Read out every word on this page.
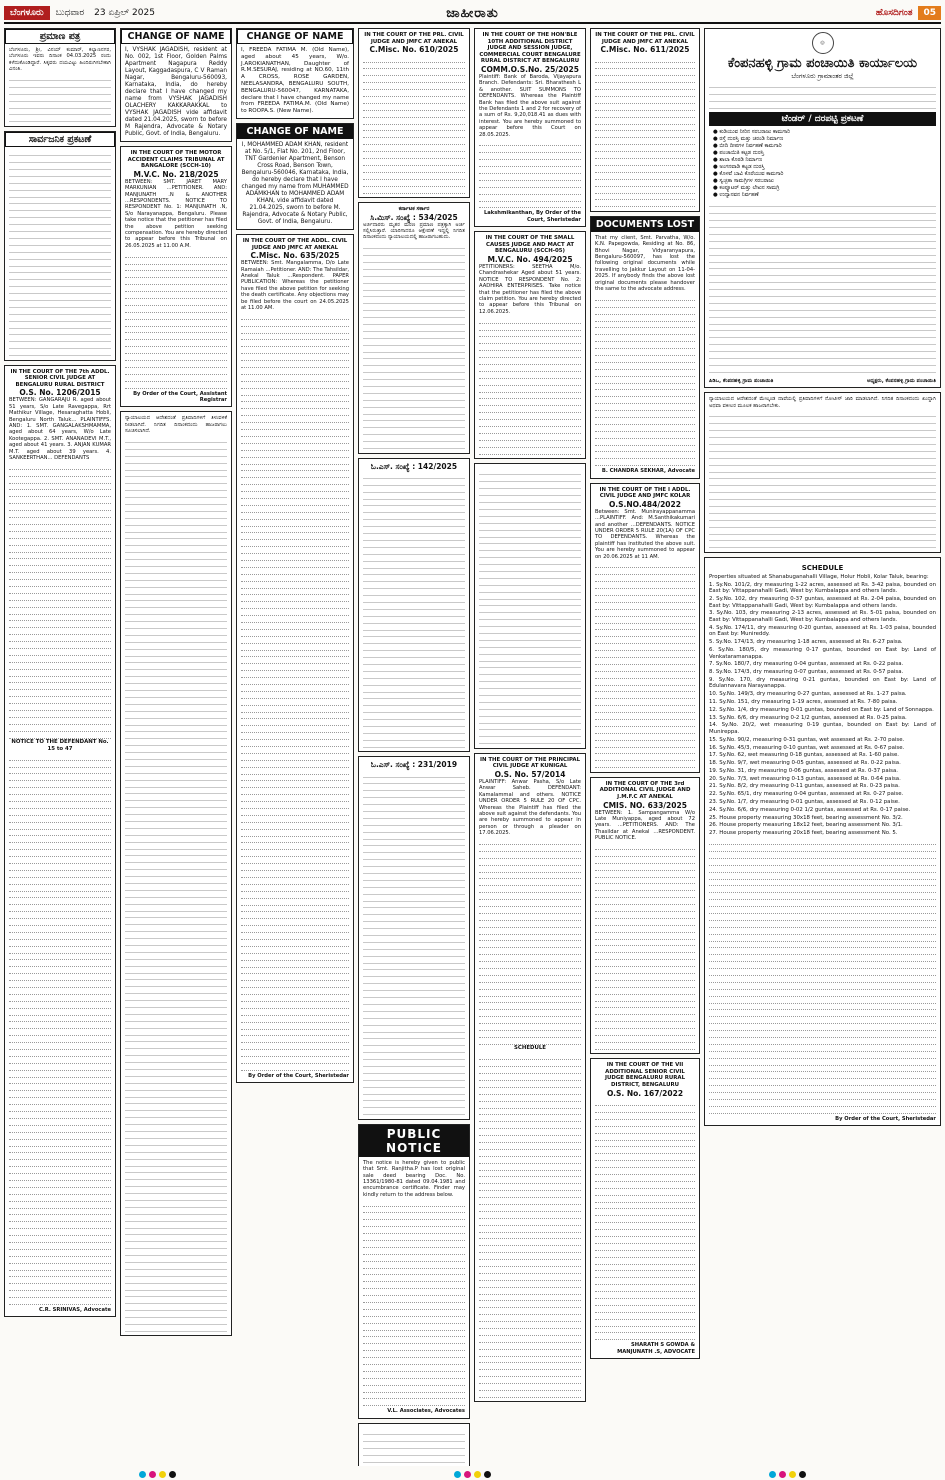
ಬೆಂಗಳೂರು	ಬುಧವಾರ 23 ಏಪ್ರಿಲ್ 2025	ಜಾಹೀರಾತು	ಹೊಸದಿಗಂತ	05
ಪ್ರಮಾಣ ಪತ್ರ
ಬೆಂಗಳೂರು, ಶ್ರೀ, ವಿನಯ್ ಕುಮಾರ್, ಕಲ್ಯಾಣನಗರ, ಬೆಂಗಳೂರು ಇವರು ದಿನಾಂಕ 04.03.2025 ರಂದು ಕಳೆದುಕೊಂಡಿದ್ದಾರೆ. ಸಿಕ್ಕವರು ದಯವಿಟ್ಟು ಹಿಂದಿರುಗಿಸಬೇಕಾಗಿ ವಿನಂತಿ.
ಸಾರ್ವಜನಿಕ ಪ್ರಕಟಣೆ
IN THE COURT OF THE 7th ADDL. SENIOR CIVIL JUDGE AT BENGALURU RURAL DISTRICT
O.S. No. 1206/2015
BETWEEN: GANGARAJU R. aged about 51 years, S/o Late Ravegappa, Rrt Mathikur Village, Hesaraghatta Hobli, Bengaluru North Taluk... PLAINTIFFS. AND: 1. SMT. GANGALAKSHMAMMA, aged about 64 years, W/o Late Kootegappa. 2. SMT. ANANADEVI M.T., aged about 41 years. 3. ANJAN KUMAR M.T. aged about 39 years. 4. SANKEERTHAN... DEFENDANTS
NOTICE TO THE DEFENDANT No. 15 to 47
C.R. SRINIVAS, Advocate
CHANGE OF NAME
I, VYSHAK JAGADISH, resident at No. 002, 1st Floor, Golden Palms Apartment Nagapura Reddy Layout, Kaggadaspura, C V Raman Nagar, Bengaluru-560093, Karnataka, India, do hereby declare that I have changed my name from VYSHAK JAGADISH OLACHERY KAKKARAKKAL to VYSHAK JAGADISH vide affidavit dated 21.04.2025, sworn to before M Rajendra, Advocate & Notary Public, Govt. of India, Bengaluru.
IN THE COURT OF THE MOTOR ACCIDENT CLAIMS TRIBUNAL AT BANGALORE (SCCH-10)
M.V.C. No. 218/2025
BETWEEN: SMT. JARET MARY MARKUNIAN ...PETITIONER. AND: MANJUNATH .N & ANOTHER ...RESPONDENTS. NOTICE TO RESPONDENT No. 1: MANJUNATH .N, S/o Narayanappa, Bengaluru. Please take notice that the petitioner has filed the above petition seeking compensation. You are hereby directed to appear before this Tribunal on 26.05.2025 at 11.00 A.M.
By Order of the Court, Assistant Registrar
ನ್ಯಾಯಾಲಯದ ಆದೇಶದಂತೆ ಪ್ರತಿವಾದಿಗಳಿಗೆ ತಿಳುವಳಿಕೆ ನೀಡಲಾಗಿದೆ. ನಿಗದಿತ ದಿನಾಂಕದಂದು ಹಾಜರಾಗಲು ಸೂಚಿಸಲಾಗಿದೆ.
CHANGE OF NAME
I, FREEDA FATIMA M. (Old Name), aged about 45 years, W/o. J.AROKIANATHAN, Daughter of R.M.SESURAJ, residing at NO.60, 11th A CROSS, ROSE GARDEN, NEELASANDRA, BENGALURU SOUTH, BENGALURU-560047, KARNATAKA, declare that I have changed my name from FREEDA FATIMA.M. (Old Name) to ROOPA.S. (New Name).
CHANGE OF NAME
I, MOHAMMED ADAM KHAN, resident at No. 5/1, Flat No. 201, 2nd Floor, TNT Gardenier Apartment, Benson Cross Road, Benson Town, Bengaluru-560046, Karnataka, India, do hereby declare that I have changed my name from MUHAMMED ADAMKHAN to MOHAMMED ADAM KHAN, vide affidavit dated 21.04.2025, sworn to before M. Rajendra, Advocate & Notary Public, Govt. of India, Bengaluru.
IN THE COURT OF THE ADDL. CIVIL JUDGE AND JMFC AT ANEKAL
C.Misc. No. 635/2025
BETWEEN: Smt. Mangalamma, D/o Late Ramaiah ...Petitioner. AND: The Tahsildar, Anekal Taluk ...Respondent. PAPER PUBLICATION: Whereas the petitioner have filed the above petition for seeking the death certificate. Any objections may be filed before the court on 24.05.2025 at 11.00 AM.
By Order of the Court, Sheristedar
IN THE COURT OF THE PRL. CIVIL JUDGE AND JMFC AT ANEKAL
C.Misc. No. 610/2025
ಕರ್ನಾಟಕ ಸರ್ಕಾರ
ಸಿ.ಮಿಸ್. ಸಂಖ್ಯೆ : 534/2025
ಅರ್ಜಿದಾರರು ಮೃತರ ಮರಣ ಪ್ರಮಾಣ ಪತ್ರಕ್ಕಾಗಿ ಅರ್ಜಿ ಸಲ್ಲಿಸಿರುತ್ತಾರೆ. ಯಾರಿಗಾದರೂ ಆಕ್ಷೇಪಣೆ ಇದ್ದಲ್ಲಿ ನಿಗದಿತ ದಿನಾಂಕದಂದು ನ್ಯಾಯಾಲಯದಲ್ಲಿ ಹಾಜರಾಗಬಹುದು.
ಓ.ಎಸ್. ಸಂಖ್ಯೆ : 142/2025
ಓ.ಎಸ್. ಸಂಖ್ಯೆ : 231/2019
PUBLIC NOTICE
The notice is hereby given to public that Smt. Ranjitha.P has lost original sale deed bearing Doc. No. 13361/1980-81 dated 09.04.1981 and encumbrance certificate. Finder may kindly return to the address below.
V.L. Associates, Advocates
IN THE COURT OF THE HON'BLE 10TH ADDITIONAL DISTRICT JUDGE AND SESSION JUDGE, COMMERCIAL COURT BENGALURE RURAL DISTRICT AT BENGALURU
COMM.O.S.No. 25/2025
Plaintiff: Bank of Baroda, Vijayapura Branch. Defendants: Sri. Bharathesh L & another. SUIT SUMMONS TO DEFENDANTS. Whereas the Plaintiff Bank has filed the above suit against the Defendants 1 and 2 for recovery of a sum of Rs. 9,20,018.41 as dues with interest. You are hereby summoned to appear before this Court on 28.05.2025.
Lakshmikanthan, By Order of the Court, Sheristedar
IN THE COURT OF THE SMALL CAUSES JUDGE AND MACT AT BENGALURU (SCCH-05)
M.V.C. No. 494/2025
PETITIONERS: SEETHA M/o. Chandrashekar Aged about 51 years. NOTICE TO RESPONDENT No. 2: AADHIRA ENTERPRISES. Take notice that the petitioner has filed the above claim petition. You are hereby directed to appear before this Tribunal on 12.06.2025.
IN THE COURT OF THE PRINCIPAL CIVIL JUDGE AT KUNIGAL
O.S. No. 57/2014
PLAINTIFF: Anwar Pasha, S/o Late Anwar Saheb. DEFENDANT: Kamalammal and others. NOTICE UNDER ORDER 5 RULE 20 OF CPC. Whereas the Plaintiff has filed the above suit against the defendants. You are hereby summoned to appear in person or through a pleader on 17.06.2025.
SCHEDULE
IN THE COURT OF THE PRL. CIVIL JUDGE AND JMFC AT ANEKAL
C.Misc. No. 611/2025
DOCUMENTS LOST
That my client, Smt. Parvatha, W/o. K.N. Papegowda, Residing at No. 86, Bhovi Nagar, Vidyaranyapura, Bengaluru-560097, has lost the following original documents while travelling to Jakkur Layout on 11-04-2025. If anybody finds the above lost original documents please handover the same to the advocate address.
B. CHANDRA SEKHAR, Advocate
IN THE COURT OF THE I ADDL. CIVIL JUDGE AND JMFC KOLAR
O.S.NO.484/2022
Between: Smt. Munirayappanamma ...PLAINTIFF. And: M.Santhikakumari and another ...DEFENDANTS. NOTICE UNDER ORDER 5 RULE 20(1A) OF CPC TO DEFENDANTS. Whereas the plaintiff has instituted the above suit. You are hereby summoned to appear on 20.06.2025 at 11 AM.
IN THE COURT OF THE 3rd ADDITIONAL CIVIL JUDGE AND J.M.F.C AT ANEKAL
CMIS. NO. 633/2025
BETWEEN: 1. Sampangamma W/o Late Muniyappa, aged about 72 years. ...PETITIONERS. AND: The Thasildar at Anekal ...RESPONDENT. PUBLIC NOTICE.
IN THE COURT OF THE VII ADDITIONAL SENIOR CIVIL JUDGE BENGALURU RURAL DISTRICT, BENGALURU
O.S. No. 167/2022
SHARATH S GOWDA & MANJUNATH .S, ADVOCATE
◎
ಕೆಂಪನಹಳ್ಳಿ ಗ್ರಾಮ ಪಂಚಾಯಿತಿ ಕಾರ್ಯಾಲಯ
ಬೆಂಗಳೂರು ಗ್ರಾಮಾಂತರ ಜಿಲ್ಲೆ
ಟೆಂಡರ್ / ದರಪಟ್ಟಿ ಪ್ರಕಟಣೆ
● ಕುಡಿಯುವ ನೀರಿನ ಸರಬರಾಜು ಕಾಮಗಾರಿ
● ರಸ್ತೆ ದುರಸ್ತಿ ಮತ್ತು ಚರಂಡಿ ನಿರ್ಮಾಣ
● ಬೀದಿ ದೀಪಗಳ ನಿರ್ವಹಣೆ ಕಾಮಗಾರಿ
● ಪಂಚಾಯಿತಿ ಕಟ್ಟಡ ದುರಸ್ತಿ
● ಶಾಲಾ ಕೊಠಡಿ ನಿರ್ಮಾಣ
● ಅಂಗನವಾಡಿ ಕಟ್ಟಡ ದುರಸ್ತಿ
● ಕೊಳವೆ ಬಾವಿ ಕೊರೆಯುವ ಕಾಮಗಾರಿ
● ಸ್ವಚ್ಛತಾ ಸಾಮಗ್ರಿಗಳ ಸರಬರಾಜು
● ಕಂಪ್ಯೂಟರ್ ಮತ್ತು ಲೇಖನ ಸಾಮಗ್ರಿ
● ಉದ್ಯಾನವನ ನಿರ್ವಹಣೆ
ಪಿಡಿಒ, ಕೆಂಪನಹಳ್ಳಿ ಗ್ರಾಮ ಪಂಚಾಯಿತಿ	ಅಧ್ಯಕ್ಷರು, ಕೆಂಪನಹಳ್ಳಿ ಗ್ರಾಮ ಪಂಚಾಯಿತಿ
ನ್ಯಾಯಾಲಯದ ಆದೇಶದಂತೆ ಮೇಲ್ಕಂಡ ದಾವೆಯಲ್ಲಿ ಪ್ರತಿವಾದಿಗಳಿಗೆ ನೋಟೀಸ್ ಜಾರಿ ಮಾಡಲಾಗಿದೆ. ನಿಗದಿತ ದಿನಾಂಕದಂದು ಖುದ್ದಾಗಿ ಅಥವಾ ವಕೀಲರ ಮೂಲಕ ಹಾಜರಾಗಬೇಕು.
SCHEDULE
Properties situated at Shanabuganahalli Village, Holur Hobli, Kolar Taluk, bearing:
1. Sy.No. 101/2, dry measuring 1-22 acres, assessed at Rs. 3-42 paisa, bounded on East by: Vittappanahalli Gadi, West by: Kumbalappa and others lands.
2. Sy.No. 102, dry measuring 0-37 guntas, assessed at Rs. 2-04 paisa, bounded on East by: Vittappanahalli Gadi, West by: Kumbalappa and others lands.
3. Sy.No. 103, dry measuring 2-13 acres, assessed at Rs. 5-01 paisa, bounded on East by: Vittappanahalli Gadi, West by: Kumbalappa and others lands.
4. Sy.No. 174/11, dry measuring 0-20 guntas, assessed at Rs. 1-03 paisa, bounded on East by: Munireddy.
5. Sy.No. 174/13, dry measuring 1-18 acres, assessed at Rs. 6-27 paisa.
6. Sy.No. 180/5, dry measuring 0-17 guntas, bounded on East by: Land of Venkataramanappa.
7. Sy.No. 180/7, dry measuring 0-04 guntas, assessed at Rs. 0-22 paisa.
8. Sy.No. 174/3, dry measuring 0-07 guntas, assessed at Rs. 0-57 paisa.
9. Sy.No. 170, dry measuring 0-21 guntas, bounded on East by: Land of Edulannavara Narayanappa.
10. Sy.No. 149/3, dry measuring 0-27 guntas, assessed at Rs. 1-27 paisa.
11. Sy.No. 151, dry measuring 1-19 acres, assessed at Rs. 7-80 paisa.
12. Sy.No. 1/4, dry measuring 0-01 guntas, bounded on East by: Land of Sonnappa.
13. Sy.No. 6/6, dry measuring 0-2 1/2 guntas, assessed at Rs. 0-25 paisa.
14. Sy.No. 20/2, wet measuring 0-19 guntas, bounded on East by: Land of Munireppa.
15. Sy.No. 90/2, measuring 0-31 guntas, wet assessed at Rs. 2-70 paise.
16. Sy.No. 45/3, measuring 0-10 guntas, wet assessed at Rs. 0-67 paise.
17. Sy.No. 62, wet measuring 0-18 guntas, assessed at Rs. 1-60 paise.
18. Sy.No. 9/7, wet measuring 0-05 guntas, assessed at Rs. 0-22 paisa.
19. Sy.No. 31, dry measuring 0-06 guntas, assessed at Rs. 0-37 paisa.
20. Sy.No. 7/3, wet measuring 0-13 guntas, assessed at Rs. 0-64 paisa.
21. Sy.No. 8/2, dry measuring 0-11 guntas, assessed at Rs. 0-23 paisa.
22. Sy.No. 65/1, dry measuring 0-04 guntas, assessed at Rs. 0-27 paise.
23. Sy.No. 1/7, dry measuring 0-01 guntas, assessed at Rs. 0-12 paise.
24. Sy.No. 6/6, dry measuring 0-02 1/2 guntas, assessed at Rs. 0-17 paise.
25. House property measuring 30x18 feet, bearing assessment No. 3/2.
26. House property measuring 18x12 feet, bearing assessment No. 3/1.
27. House property measuring 20x18 feet, bearing assessment No. 5.
By Order of the Court, Sheristedar
